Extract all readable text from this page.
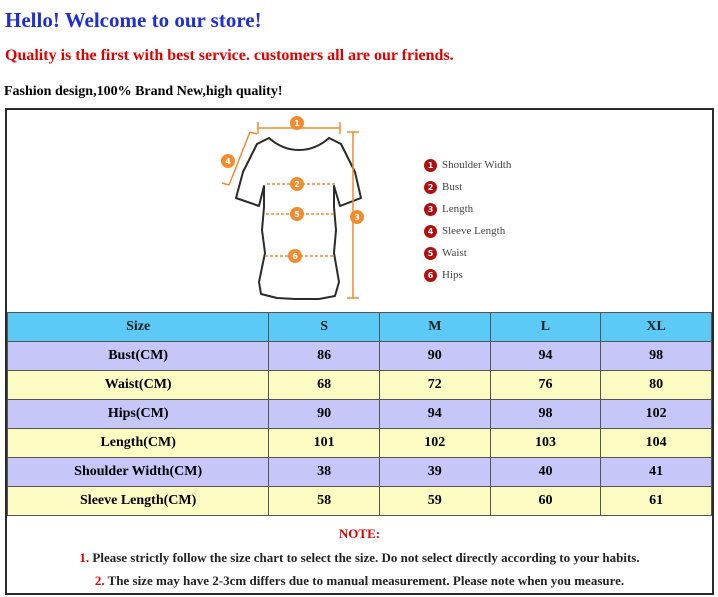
Hello! Welcome to our store!

Quality is the first with best service. customers all are our friends.

Fashion design,100% Brand New,high quality!

1
2
3
4
5
6
1 Shoulder Width
2 Bust
3 Length
4 Sleeve Length
5 Waist
6 Hips
Size	S	M	L	XL
Bust(CM)	86	90	94	98
Waist(CM)	68	72	76	80
Hips(CM)	90	94	98	102
Length(CM)	101	102	103	104
Shoulder Width(CM)	38	39	40	41
Sleeve Length(CM)	58	59	60	61
NOTE:
1. Please strictly follow the size chart to select the size. Do not select directly according to your habits.
2. The size may have 2-3cm differs due to manual measurement. Please note when you measure.
